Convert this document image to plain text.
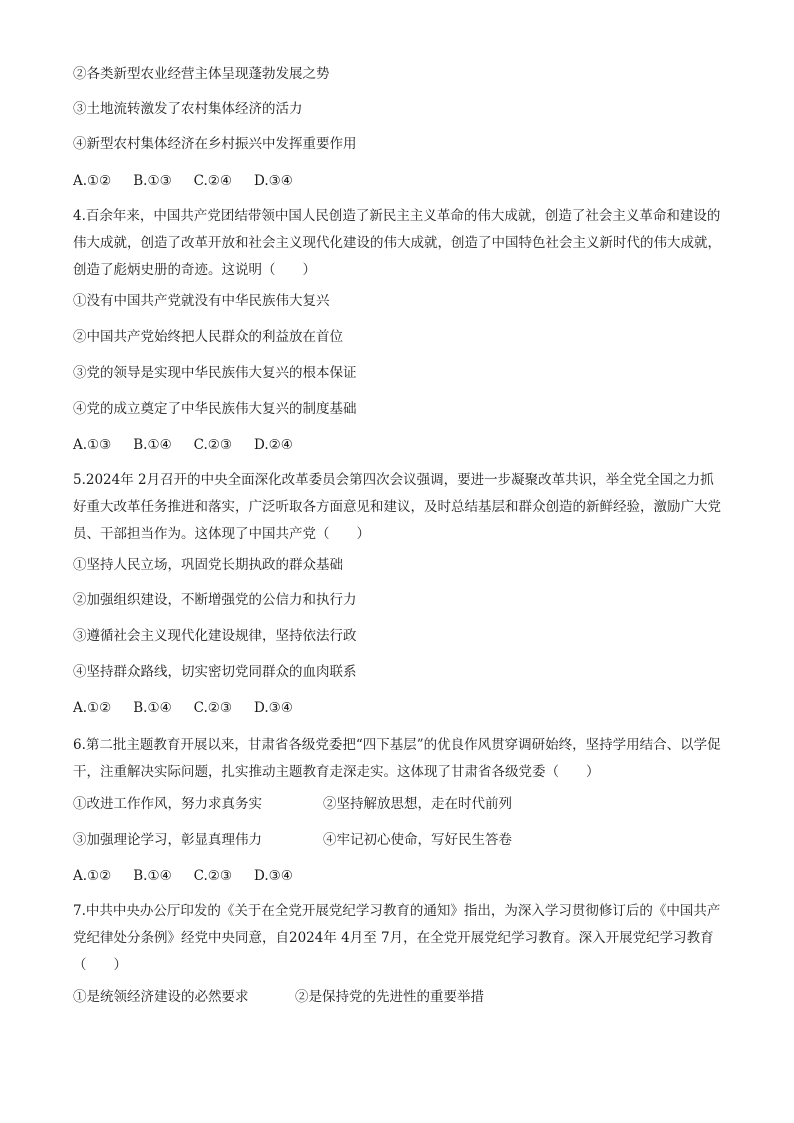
②各类新型农业经营主体呈现蓬勃发展之势
③土地流转激发了农村集体经济的活力
④新型农村集体经济在乡村振兴中发挥重要作用
A.①② B.①③ C.②④ D.③④
4.百余年来，中国共产党团结带领中国人民创造了新民主主义革命的伟大成就，创造了社会主义革命和建设的伟大成就，创造了改革开放和社会主义现代化建设的伟大成就，创造了中国特色社会主义新时代的伟大成就，创造了彪炳史册的奇迹。这说明（　　）
①没有中国共产党就没有中华民族伟大复兴
②中国共产党始终把人民群众的利益放在首位
③党的领导是实现中华民族伟大复兴的根本保证
④党的成立奠定了中华民族伟大复兴的制度基础
A.①③ B.①④ C.②③ D.②④
5.2024年 2月召开的中央全面深化改革委员会第四次会议强调，要进一步凝聚改革共识，举全党全国之力抓好重大改革任务推进和落实，广泛听取各方面意见和建议，及时总结基层和群众创造的新鲜经验，激励广大党员、干部担当作为。这体现了中国共产党（　　）
①坚持人民立场，巩固党长期执政的群众基础
②加强组织建设，不断增强党的公信力和执行力
③遵循社会主义现代化建设规律，坚持依法行政
④坚持群众路线，切实密切党同群众的血肉联系
A.①② B.①④ C.②③ D.③④
6.第二批主题教育开展以来，甘肃省各级党委把“四下基层”的优良作风贯穿调研始终，坚持学用结合、以学促干，注重解决实际问题，扎实推动主题教育走深走实。这体现了甘肃省各级党委（　　）
①改进工作作风，努力求真务实	②坚持解放思想，走在时代前列
③加强理论学习，彰显真理伟力	④牢记初心使命，写好民生答卷
A.①② B.①④ C.②③ D.③④
7.中共中央办公厅印发的《关于在全党开展党纪学习教育的通知》指出，为深入学习贯彻修订后的《中国共产党纪律处分条例》经党中央同意，自2024年 4月至 7月，在全党开展党纪学习教育。深入开展党纪学习教育（　　）
①是统领经济建设的必然要求	②是保持党的先进性的重要举措
